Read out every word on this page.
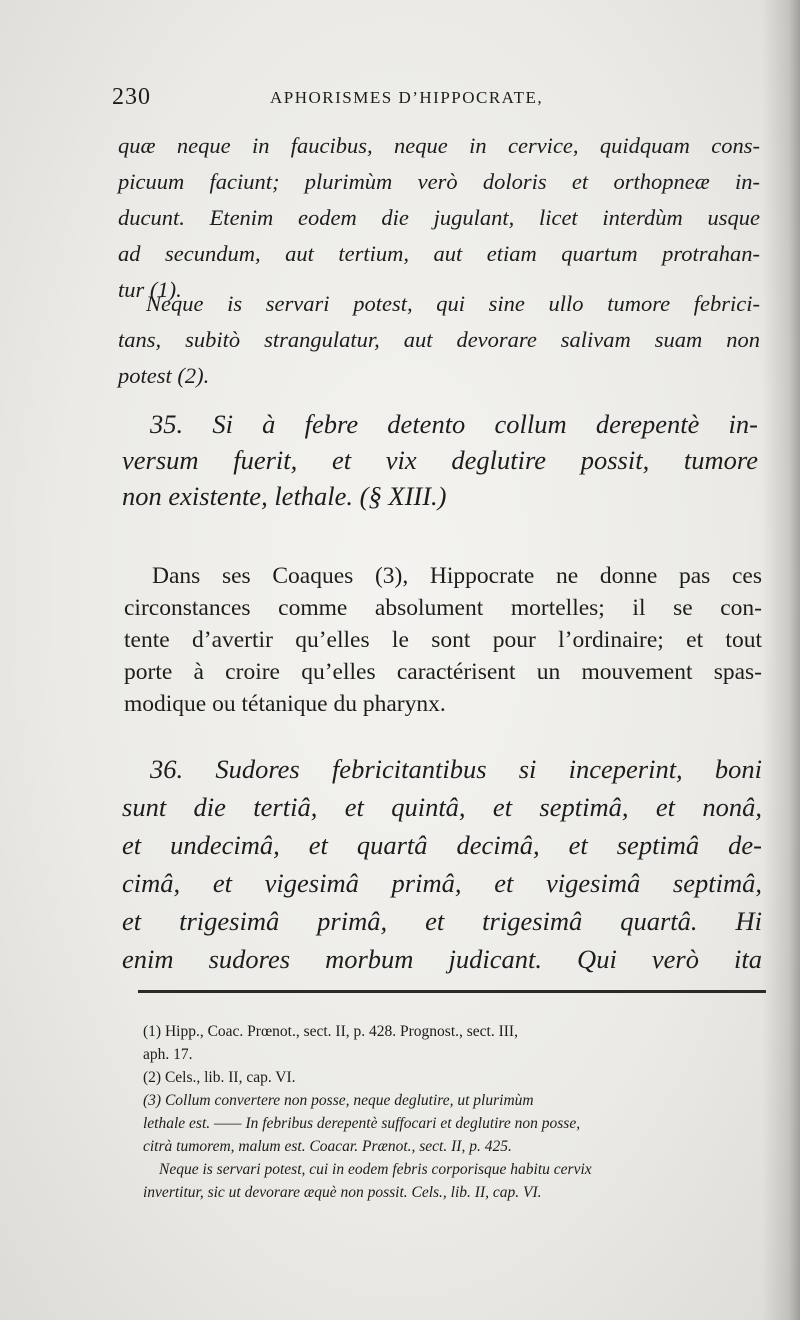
230	APHORISMES D’HIPPOCRATE,
quæ neque in faucibus, neque in cervice, quidquam cons-
picuum faciunt; plurimùm verò doloris et orthopneæ in-
ducunt. Etenim eodem die jugulant, licet interdùm usque
ad secundum, aut tertium, aut etiam quartum protrahan-
tur (1).
Neque is servari potest, qui sine ullo tumore febrici-
tans, subitò strangulatur, aut devorare salivam suam non
potest (2).
35. Si à febre detento collum derepentè in-
versum fuerit, et vix deglutire possit, tumore
non existente, lethale. (§ XIII.)
Dans ses Coaques (3), Hippocrate ne donne pas ces
circonstances comme absolument mortelles; il se con-
tente d’avertir qu’elles le sont pour l’ordinaire; et tout
porte à croire qu’elles caractérisent un mouvement spas-
modique ou tétanique du pharynx.
36. Sudores febricitantibus si inceperint, boni
sunt die tertiâ, et quintâ, et septimâ, et nonâ,
et undecimâ, et quartâ decimâ, et septimâ de-
cimâ, et vigesimâ primâ, et vigesimâ septimâ,
et trigesimâ primâ, et trigesimâ quartâ. Hi
enim sudores morbum judicant. Qui verò ita
(1) Hipp., Coac. Prœnot., sect. II, p. 428. Prognost., sect. III,
aph. 17.
(2) Cels., lib. II, cap. VI.
(3) Collum convertere non posse, neque deglutire, ut plurimùm
lethale est. —— In febribus derepentè suffocari et deglutire non posse,
citrà tumorem, malum est. Coacar. Prænot., sect. II, p. 425.
Neque is servari potest, cui in eodem febris corporisque habitu cervix
invertitur, sic ut devorare æquè non possit. Cels., lib. II, cap. VI.
